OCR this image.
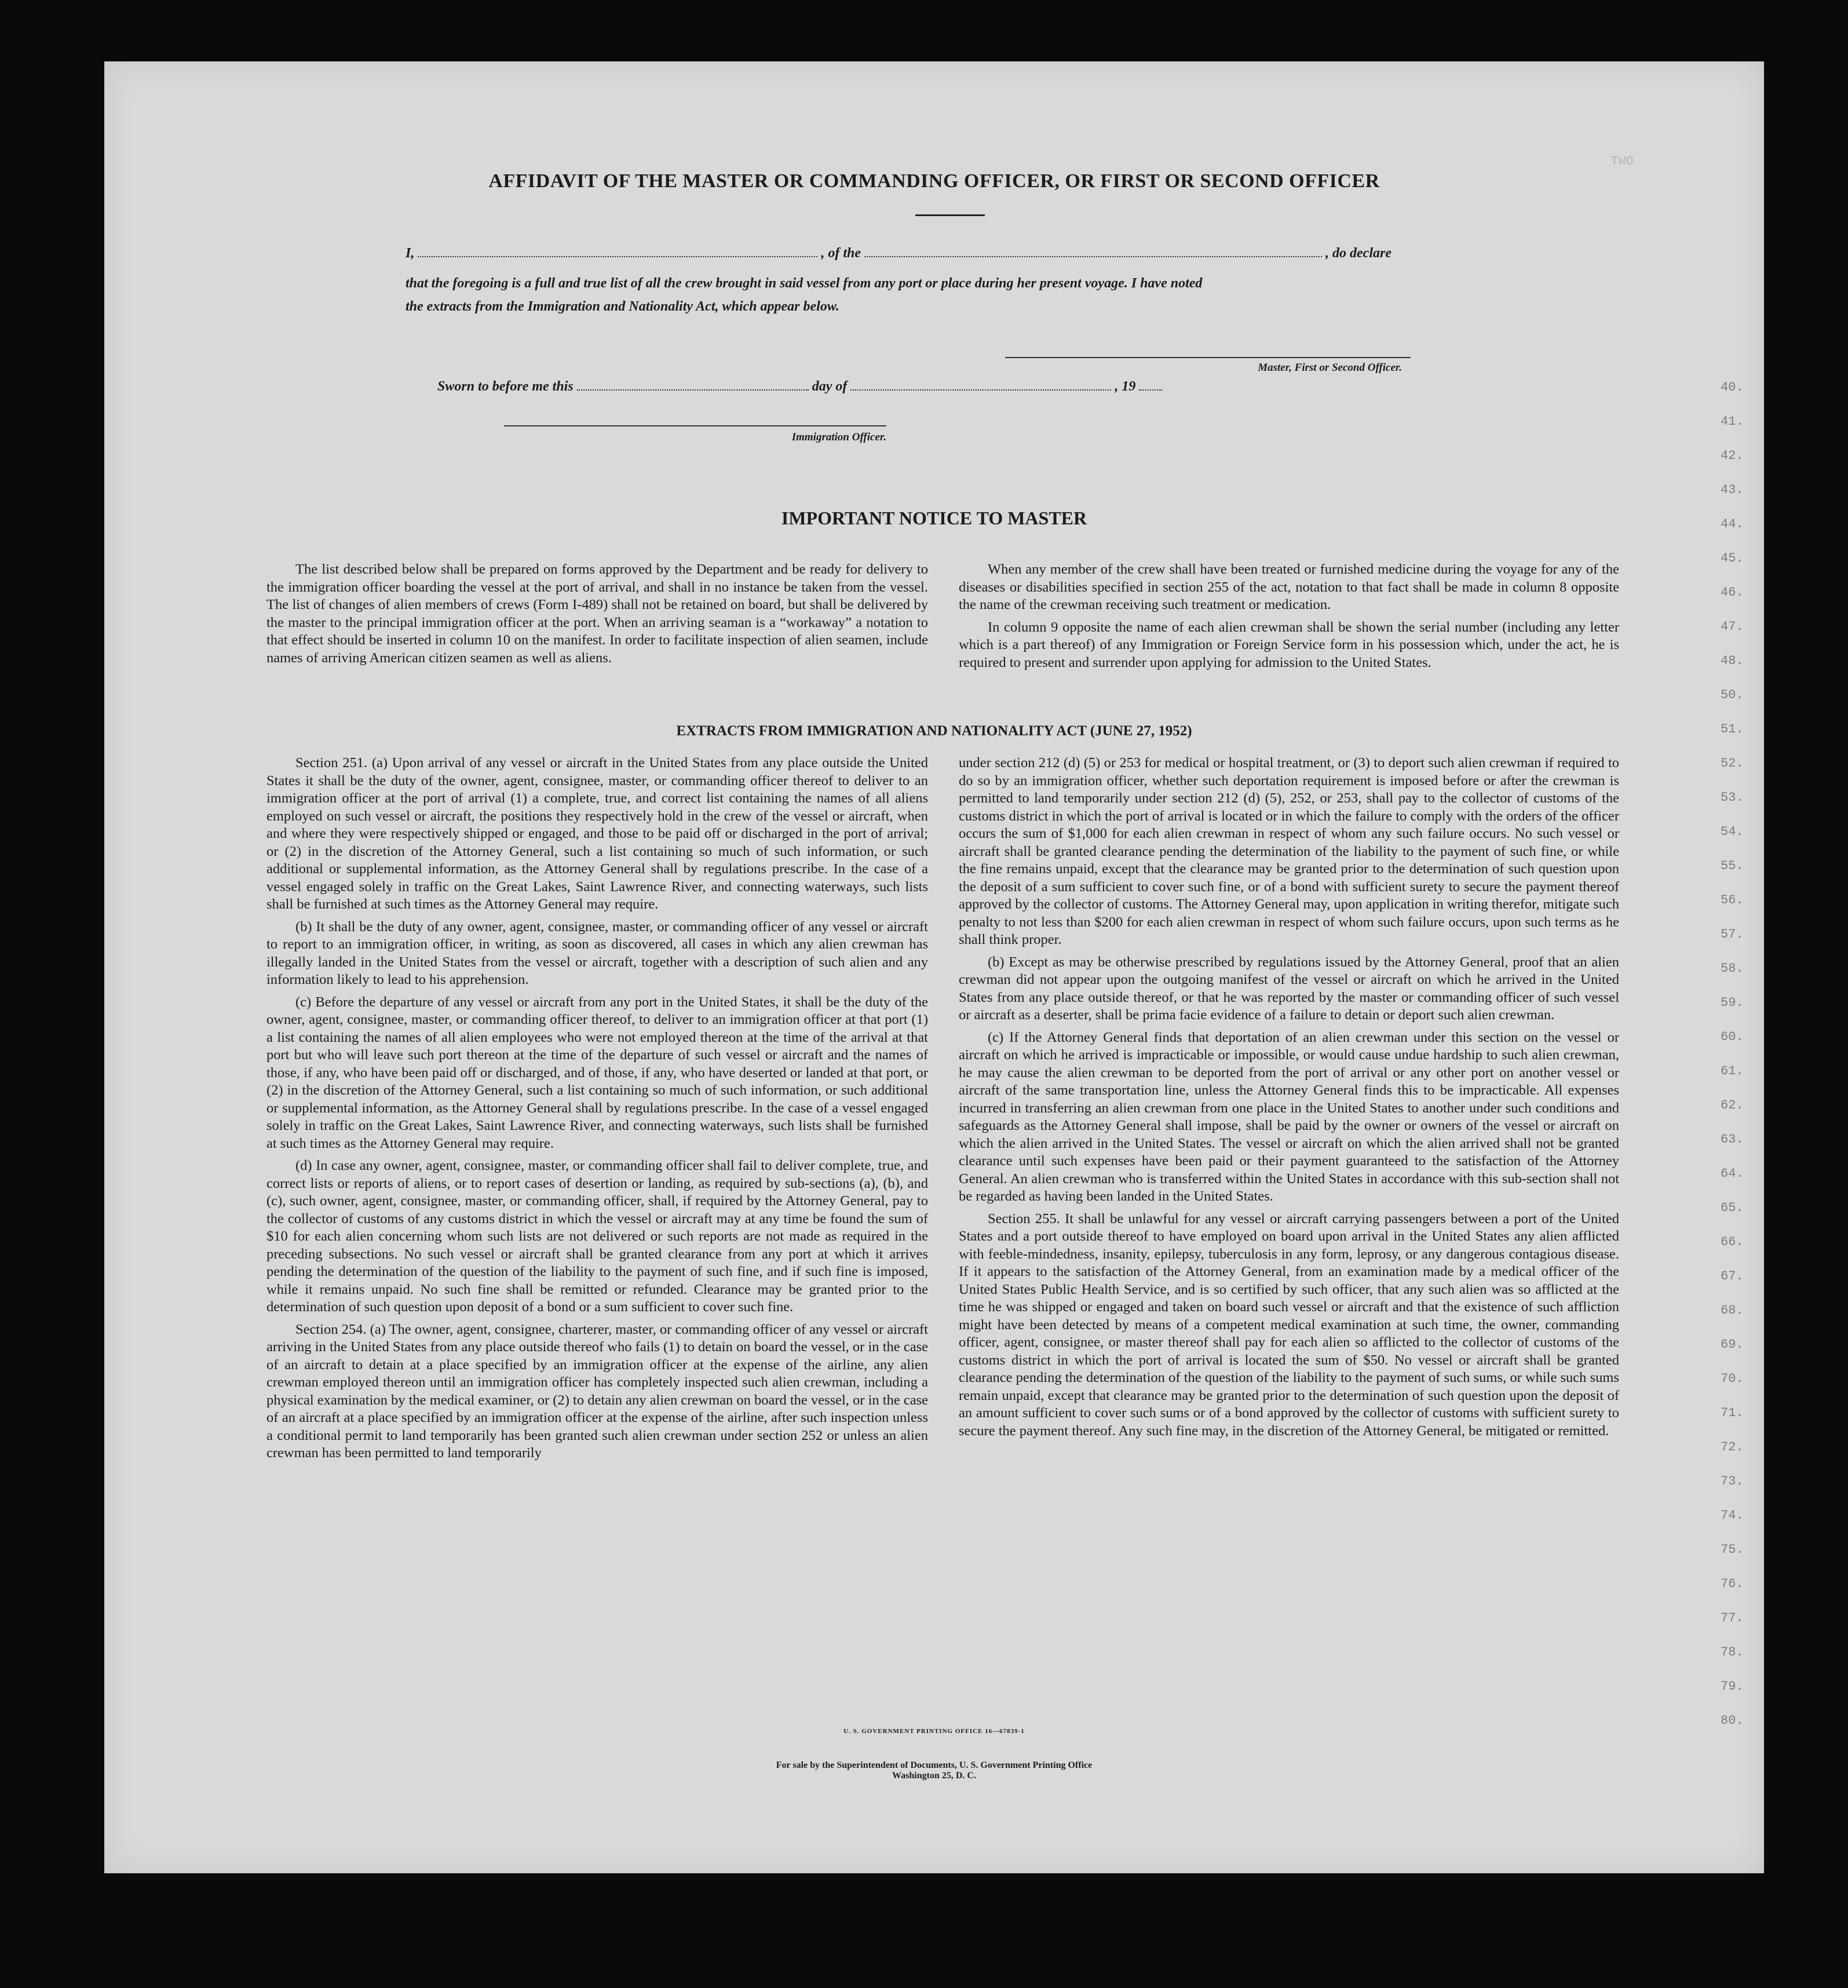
TWO
40.
41.
42.
43.
44.
45.
46.
47.
48.
50.
51.
52.
53.
54.
55.
56.
57.
58.
59.
60.
61.
62.
63.
64.
65.
66.
67.
68.
69.
70.
71.
72.
73.
74.
75.
76.
77.
78.
79.
80.
AFFIDAVIT OF THE MASTER OR COMMANDING OFFICER, OR FIRST OR SECOND OFFICER
I,	, of the	, do declare
that the foregoing is a full and true list of all the crew brought in said vessel from any port or place during her present voyage. I have noted
the extracts from the Immigration and Nationality Act, which appear below.
Master, First or Second Officer.
Sworn to before me this	day of	, 19
Immigration Officer.
IMPORTANT NOTICE TO MASTER

The list described below shall be prepared on forms approved by the Department and be ready for delivery to the immigration officer boarding the vessel at the port of arrival, and shall in no instance be taken from the vessel. The list of changes of alien members of crews (Form I-489) shall not be retained on board, but shall be delivered by the master to the principal immigration officer at the port. When an arriving seaman is a “workaway” a notation to that effect should be inserted in column 10 on the manifest. In order to facilitate inspection of alien seamen, include names of arriving American citizen seamen as well as aliens.

When any member of the crew shall have been treated or furnished medicine during the voyage for any of the diseases or disabilities specified in section 255 of the act, notation to that fact shall be made in column 8 opposite the name of the crewman receiving such treatment or medication.

In column 9 opposite the name of each alien crewman shall be shown the serial number (including any letter which is a part thereof) of any Immigration or Foreign Service form in his possession which, under the act, he is required to present and surrender upon applying for admission to the United States.

EXTRACTS FROM IMMIGRATION AND NATIONALITY ACT (JUNE 27, 1952)

Section 251. (a) Upon arrival of any vessel or aircraft in the United States from any place outside the United States it shall be the duty of the owner, agent, consignee, master, or commanding officer thereof to deliver to an immigration officer at the port of arrival (1) a complete, true, and correct list containing the names of all aliens employed on such vessel or aircraft, the positions they respectively hold in the crew of the vessel or aircraft, when and where they were respectively shipped or engaged, and those to be paid off or discharged in the port of arrival; or (2) in the discretion of the Attorney General, such a list containing so much of such information, or such additional or supplemental information, as the Attorney General shall by regulations prescribe. In the case of a vessel engaged solely in traffic on the Great Lakes, Saint Lawrence River, and connecting waterways, such lists shall be furnished at such times as the Attorney General may require.

(b) It shall be the duty of any owner, agent, consignee, master, or commanding officer of any vessel or aircraft to report to an immigration officer, in writing, as soon as discovered, all cases in which any alien crewman has illegally landed in the United States from the vessel or aircraft, together with a description of such alien and any information likely to lead to his apprehension.

(c) Before the departure of any vessel or aircraft from any port in the United States, it shall be the duty of the owner, agent, consignee, master, or commanding officer thereof, to deliver to an immigration officer at that port (1) a list containing the names of all alien employees who were not employed thereon at the time of the arrival at that port but who will leave such port thereon at the time of the departure of such vessel or aircraft and the names of those, if any, who have been paid off or discharged, and of those, if any, who have deserted or landed at that port, or (2) in the discretion of the Attorney General, such a list containing so much of such information, or such additional or supplemental information, as the Attorney General shall by regulations prescribe. In the case of a vessel engaged solely in traffic on the Great Lakes, Saint Lawrence River, and connecting waterways, such lists shall be furnished at such times as the Attorney General may require.

(d) In case any owner, agent, consignee, master, or commanding officer shall fail to deliver complete, true, and correct lists or reports of aliens, or to report cases of desertion or landing, as required by sub-sections (a), (b), and (c), such owner, agent, consignee, master, or commanding officer, shall, if required by the Attorney General, pay to the collector of customs of any customs district in which the vessel or aircraft may at any time be found the sum of $10 for each alien concerning whom such lists are not delivered or such reports are not made as required in the preceding subsections. No such vessel or aircraft shall be granted clearance from any port at which it arrives pending the determination of the question of the liability to the payment of such fine, and if such fine is imposed, while it remains unpaid. No such fine shall be remitted or refunded. Clearance may be granted prior to the determination of such question upon deposit of a bond or a sum sufficient to cover such fine.

Section 254. (a) The owner, agent, consignee, charterer, master, or commanding officer of any vessel or aircraft arriving in the United States from any place outside thereof who fails (1) to detain on board the vessel, or in the case of an aircraft to detain at a place specified by an immigration officer at the expense of the airline, any alien crewman employed thereon until an immigration officer has completely inspected such alien crewman, including a physical examination by the medical examiner, or (2) to detain any alien crewman on board the vessel, or in the case of an aircraft at a place specified by an immigration officer at the expense of the airline, after such inspection unless a conditional permit to land temporarily has been granted such alien crewman under section 252 or unless an alien crewman has been permitted to land temporarily

under section 212 (d) (5) or 253 for medical or hospital treatment, or (3) to deport such alien crewman if required to do so by an immigration officer, whether such deportation requirement is imposed before or after the crewman is permitted to land temporarily under section 212 (d) (5), 252, or 253, shall pay to the collector of customs of the customs district in which the port of arrival is located or in which the failure to comply with the orders of the officer occurs the sum of $1,000 for each alien crewman in respect of whom any such failure occurs. No such vessel or aircraft shall be granted clearance pending the determination of the liability to the payment of such fine, or while the fine remains unpaid, except that the clearance may be granted prior to the determination of such question upon the deposit of a sum sufficient to cover such fine, or of a bond with sufficient surety to secure the payment thereof approved by the collector of customs. The Attorney General may, upon application in writing therefor, mitigate such penalty to not less than $200 for each alien crewman in respect of whom such failure occurs, upon such terms as he shall think proper.

(b) Except as may be otherwise prescribed by regulations issued by the Attorney General, proof that an alien crewman did not appear upon the outgoing manifest of the vessel or aircraft on which he arrived in the United States from any place outside thereof, or that he was reported by the master or commanding officer of such vessel or aircraft as a deserter, shall be prima facie evidence of a failure to detain or deport such alien crewman.

(c) If the Attorney General finds that deportation of an alien crewman under this section on the vessel or aircraft on which he arrived is impracticable or impossible, or would cause undue hardship to such alien crewman, he may cause the alien crewman to be deported from the port of arrival or any other port on another vessel or aircraft of the same transportation line, unless the Attorney General finds this to be impracticable. All expenses incurred in transferring an alien crewman from one place in the United States to another under such conditions and safeguards as the Attorney General shall impose, shall be paid by the owner or owners of the vessel or aircraft on which the alien arrived in the United States. The vessel or aircraft on which the alien arrived shall not be granted clearance until such expenses have been paid or their payment guaranteed to the satisfaction of the Attorney General. An alien crewman who is transferred within the United States in accordance with this sub-section shall not be regarded as having been landed in the United States.

Section 255. It shall be unlawful for any vessel or aircraft carrying passengers between a port of the United States and a port outside thereof to have employed on board upon arrival in the United States any alien afflicted with feeble-mindedness, insanity, epilepsy, tuberculosis in any form, leprosy, or any dangerous contagious disease. If it appears to the satisfaction of the Attorney General, from an examination made by a medical officer of the United States Public Health Service, and is so certified by such officer, that any such alien was so afflicted at the time he was shipped or engaged and taken on board such vessel or aircraft and that the existence of such affliction might have been detected by means of a competent medical examination at such time, the owner, commanding officer, agent, consignee, or master thereof shall pay for each alien so afflicted to the collector of customs of the customs district in which the port of arrival is located the sum of $50. No vessel or aircraft shall be granted clearance pending the determination of the question of the liability to the payment of such sums, or while such sums remain unpaid, except that clearance may be granted prior to the determination of such question upon the deposit of an amount sufficient to cover such sums or of a bond approved by the collector of customs with sufficient surety to secure the payment thereof. Any such fine may, in the discretion of the Attorney General, be mitigated or remitted.

U. S. GOVERNMENT PRINTING OFFICE 16—67839-1
For sale by the Superintendent of Documents, U. S. Government Printing Office
Washington 25, D. C.
